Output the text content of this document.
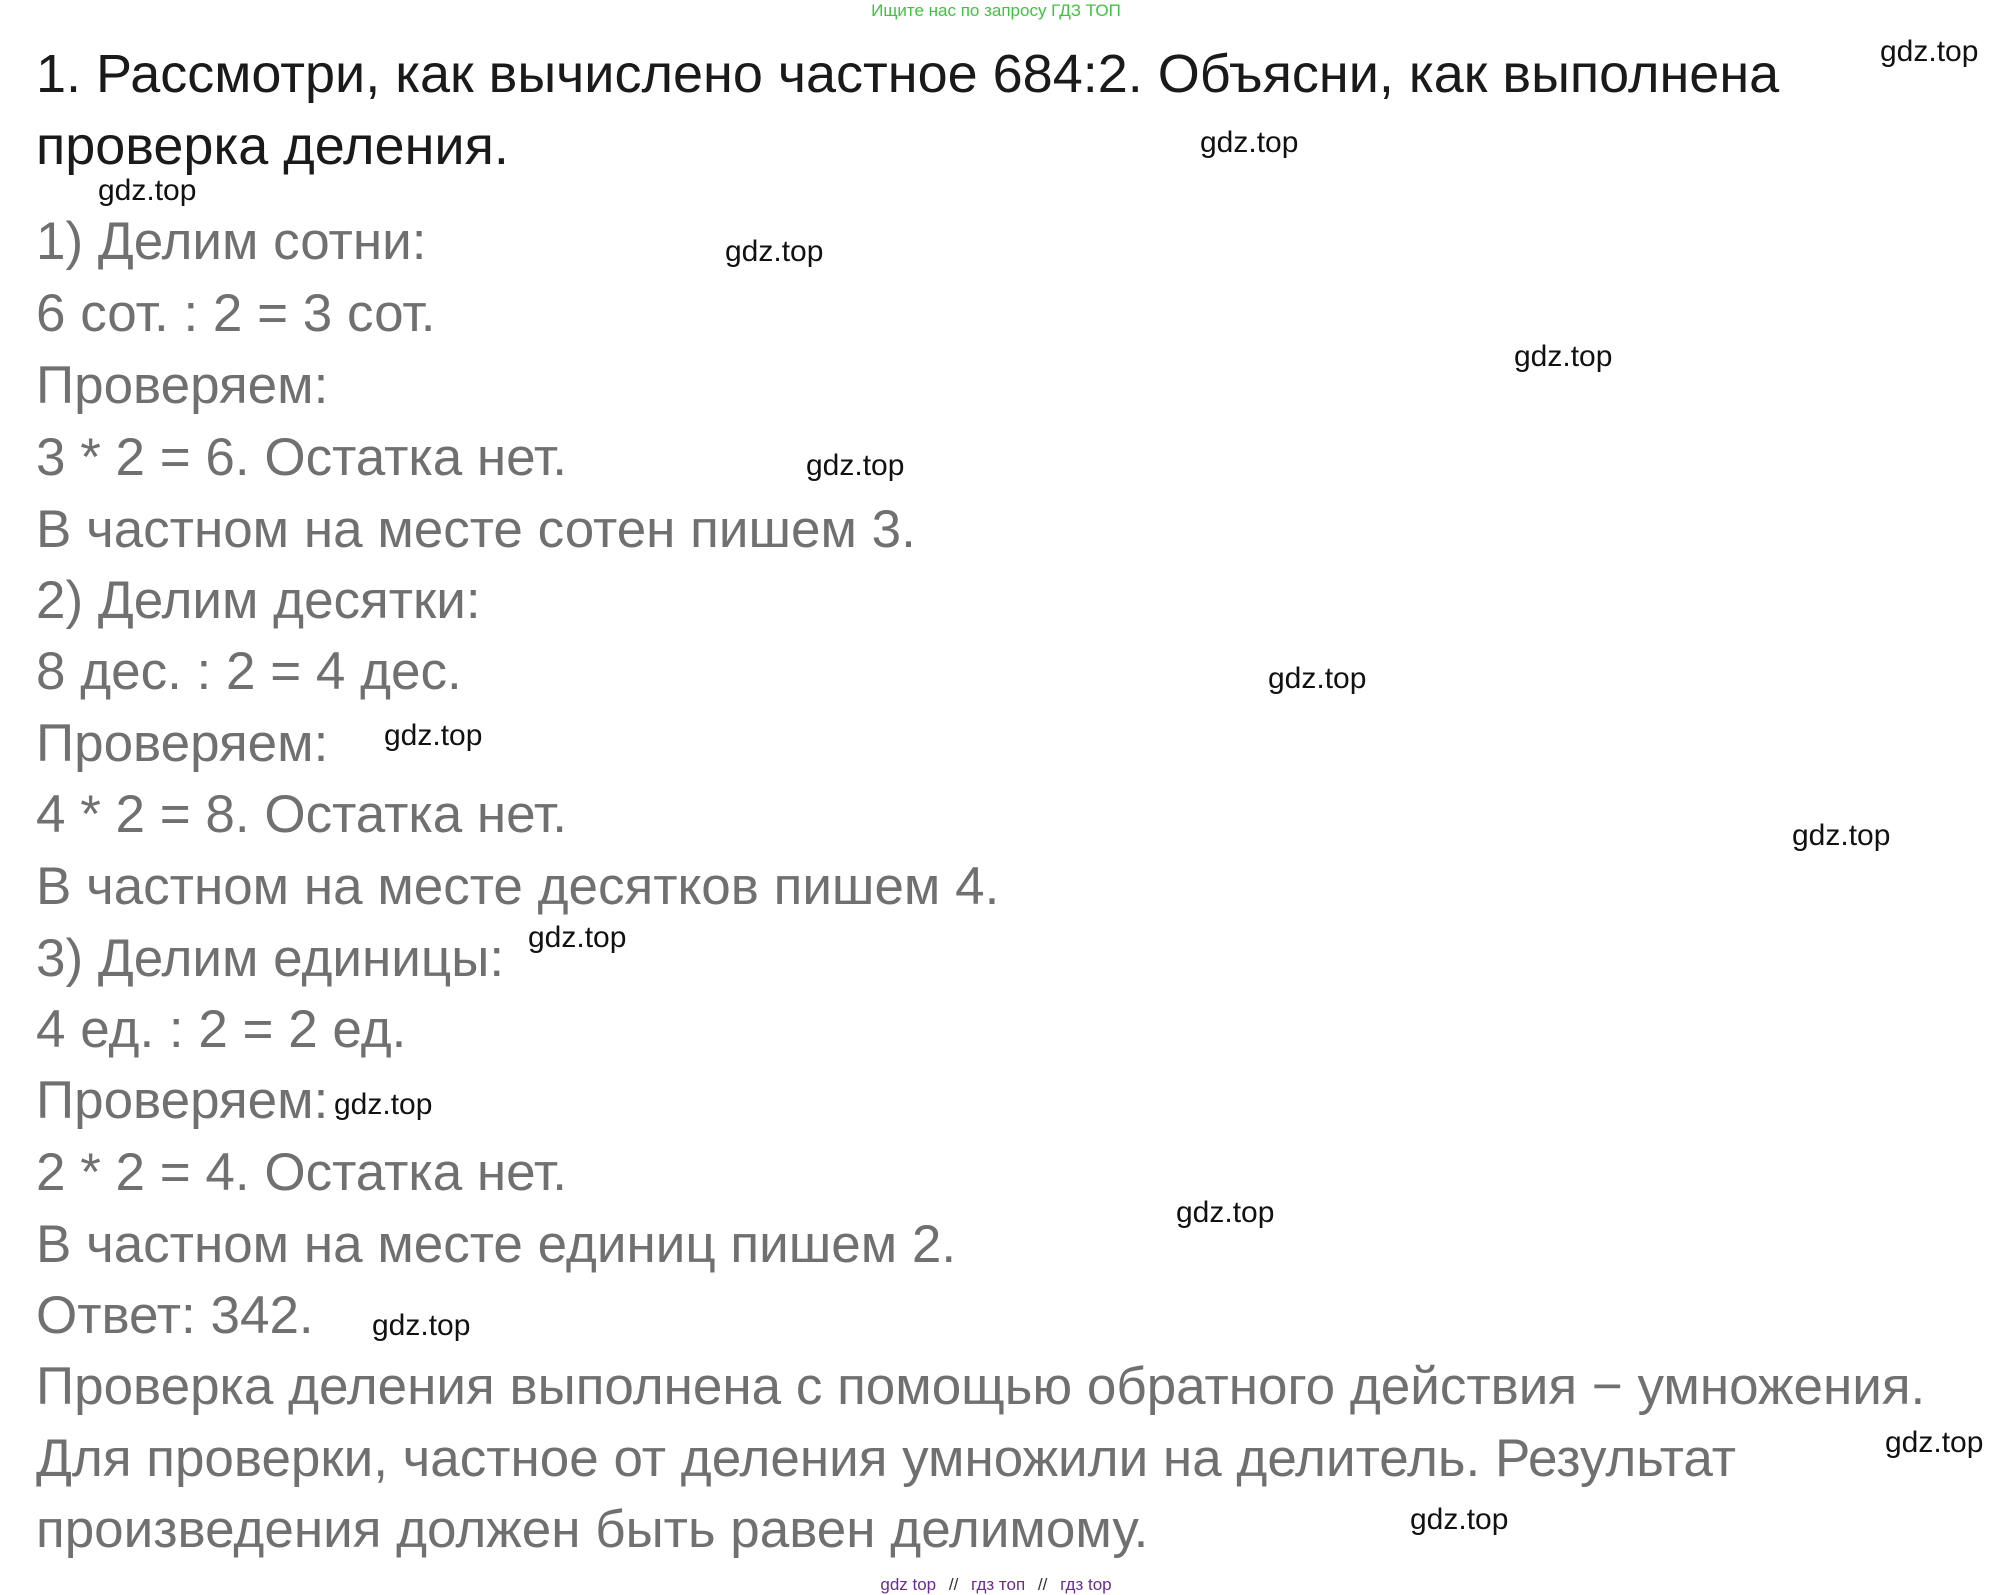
Ищите нас по запросу ГДЗ ТОП
1. Рассмотри, как вычислено частное 684:2. Объясни, как выполнена проверка деления.
1) Делим сотни:
6 сот. : 2 = 3 сот.
Проверяем:
3 * 2 = 6. Остатка нет.
В частном на месте сотен пишем 3.
2) Делим десятки:
8 дес. : 2 = 4 дес.
Проверяем:
4 * 2 = 8. Остатка нет.
В частном на месте десятков пишем 4.
3) Делим единицы:
4 ед. : 2 = 2 ед.
Проверяем:
2 * 2 = 4. Остатка нет.
В частном на месте единиц пишем 2.
Ответ: 342.
Проверка деления выполнена с помощью обратного действия − умножения.
Для проверки, частное от деления умножили на делитель. Результат
произведения должен быть равен делимому.
gdz.top
gdz.top
gdz.top
gdz.top
gdz.top
gdz.top
gdz.top
gdz.top
gdz.top
gdz.top
gdz.top
gdz.top
gdz.top
gdz.top
gdz.top
gdz top // гдз топ // гдз top
